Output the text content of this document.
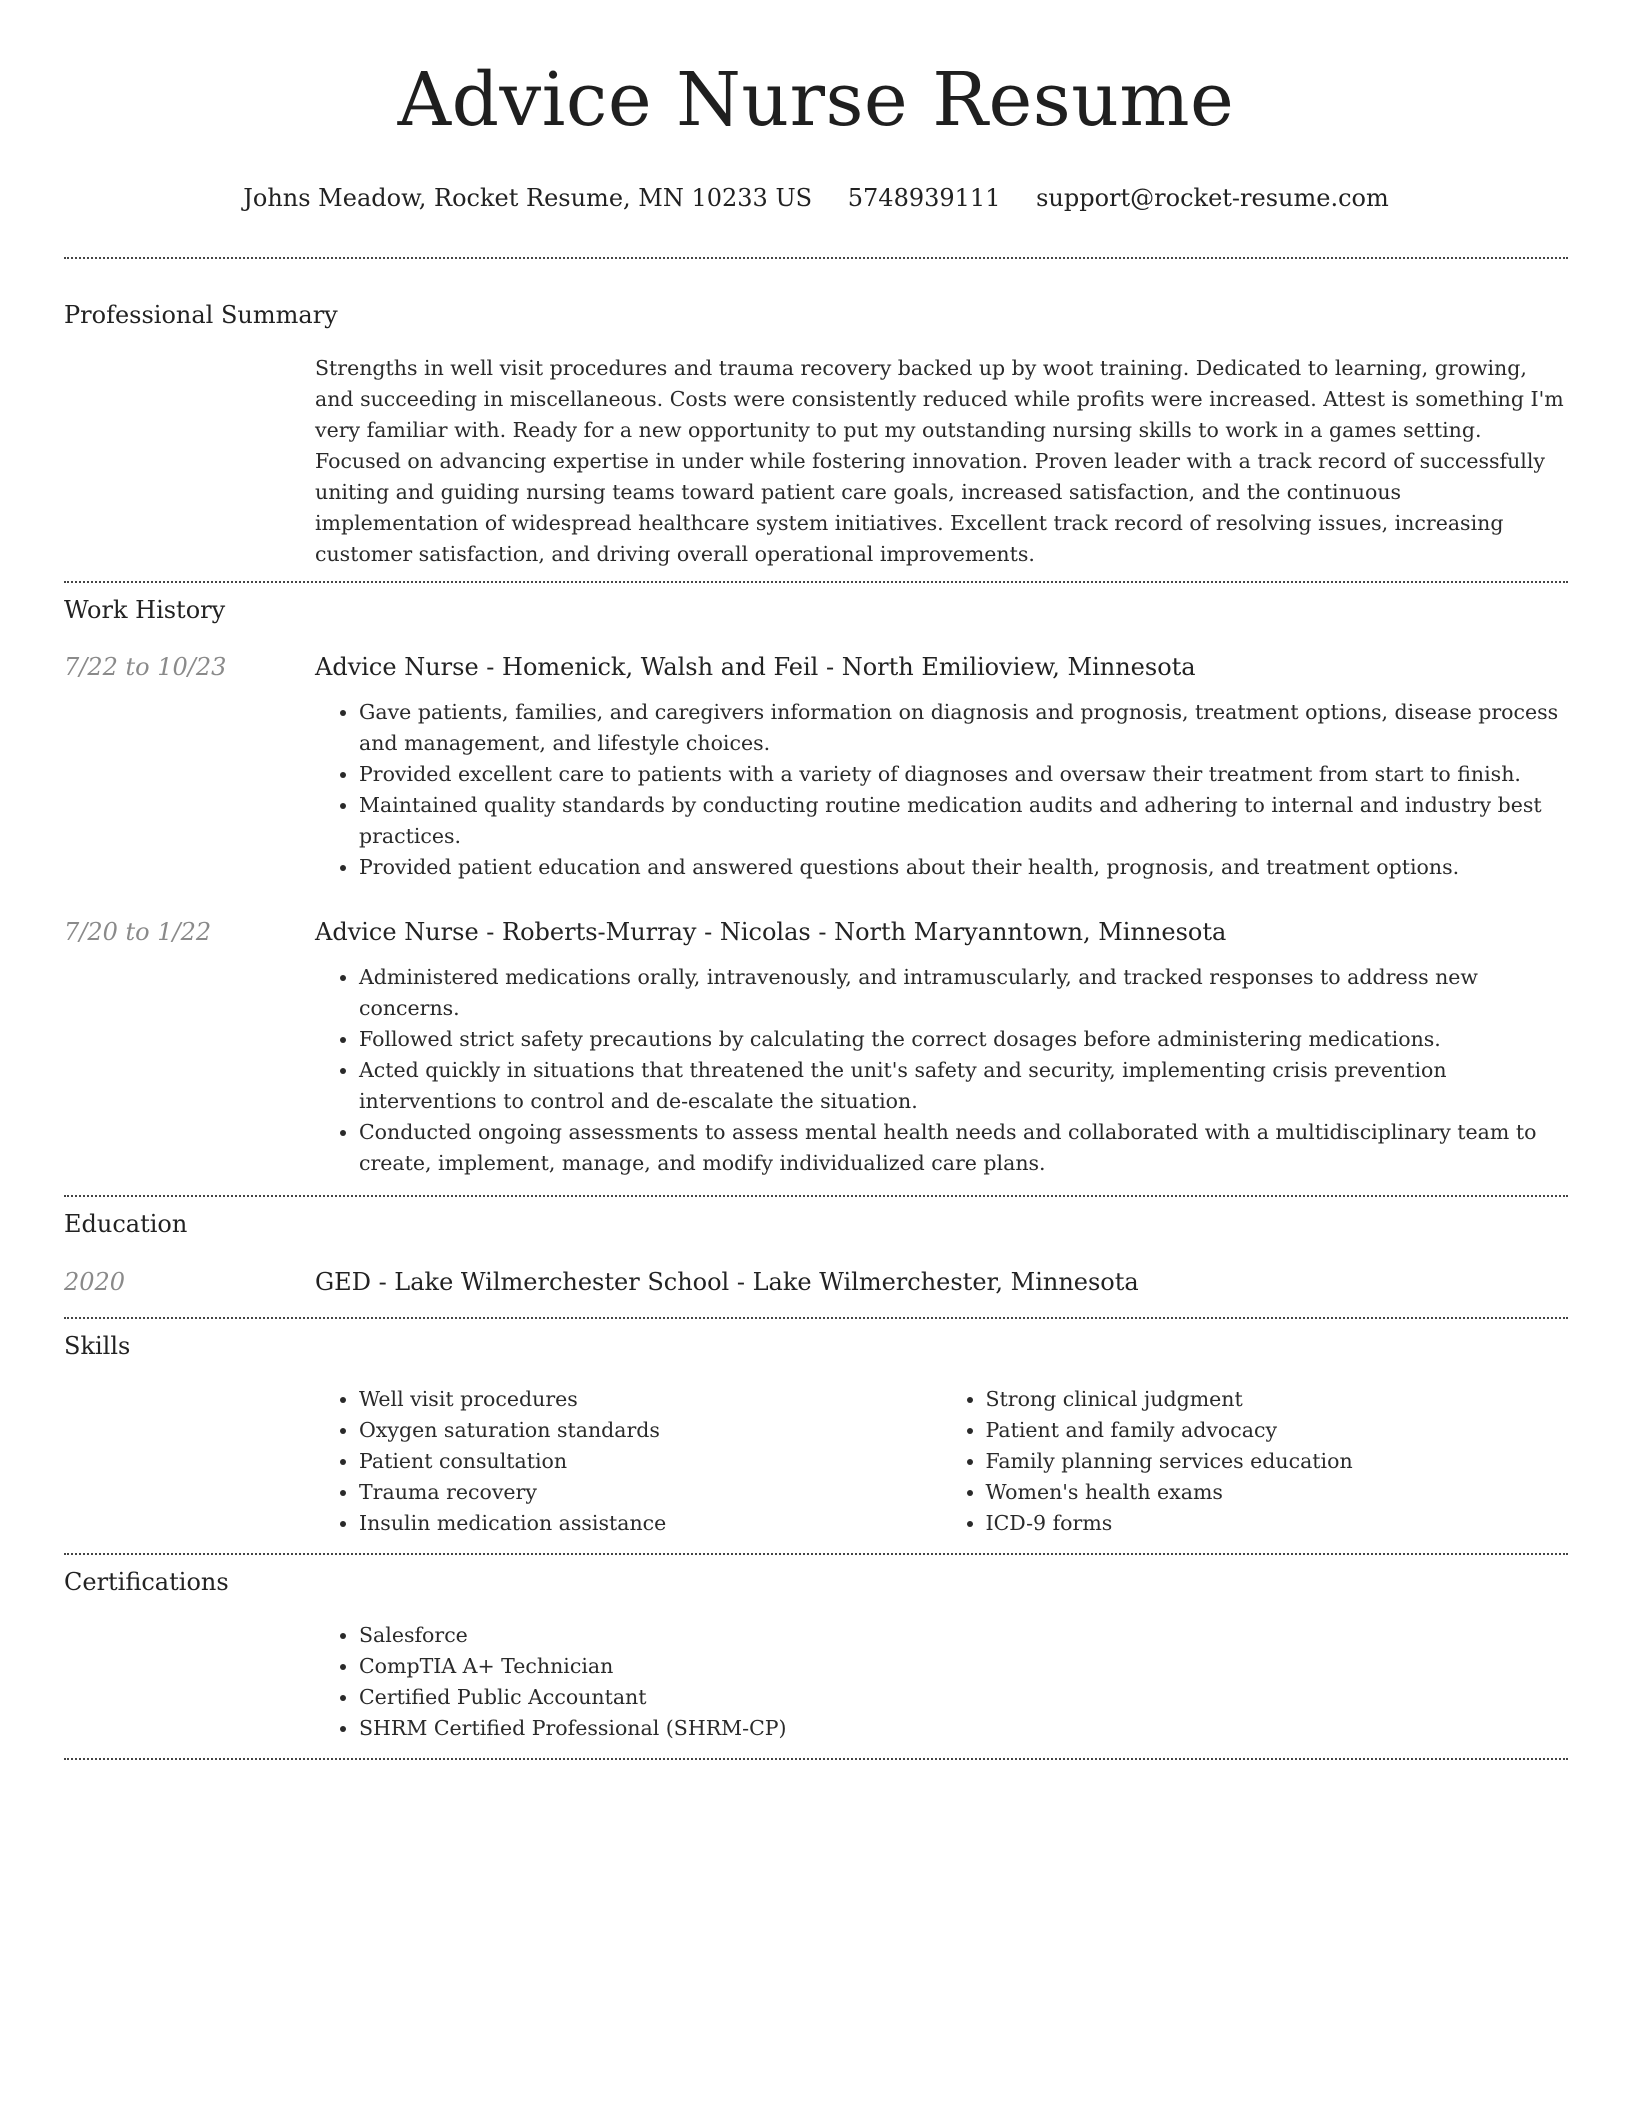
Advice Nurse Resume
Johns Meadow, Rocket Resume, MN 10233 US 5748939111 support@rocket-resume.com
Professional Summary
Strengths in well visit procedures and trauma recovery backed up by woot training. Dedicated to learning, growing, and succeeding in miscellaneous. Costs were consistently reduced while profits were increased. Attest is something I'm very familiar with. Ready for a new opportunity to put my outstanding nursing skills to work in a games setting. Focused on advancing expertise in under while fostering innovation. Proven leader with a track record of successfully uniting and guiding nursing teams toward patient care goals, increased satisfaction, and the continuous implementation of widespread healthcare system initiatives. Excellent track record of resolving issues, increasing customer satisfaction, and driving overall operational improvements.
Work History
7/22 to 10/23	Advice Nurse - Homenick, Walsh and Feil - North Emilioview, Minnesota
• Gave patients, families, and caregivers information on diagnosis and prognosis, treatment options, disease process and management, and lifestyle choices.
• Provided excellent care to patients with a variety of diagnoses and oversaw their treatment from start to finish.
• Maintained quality standards by conducting routine medication audits and adhering to internal and industry best practices.
• Provided patient education and answered questions about their health, prognosis, and treatment options.
7/20 to 1/22	Advice Nurse - Roberts-Murray - Nicolas - North Maryanntown, Minnesota
• Administered medications orally, intravenously, and intramuscularly, and tracked responses to address new concerns.
• Followed strict safety precautions by calculating the correct dosages before administering medications.
• Acted quickly in situations that threatened the unit's safety and security, implementing crisis prevention interventions to control and de-escalate the situation.
• Conducted ongoing assessments to assess mental health needs and collaborated with a multidisciplinary team to create, implement, manage, and modify individualized care plans.
Education
2020	GED - Lake Wilmerchester School - Lake Wilmerchester, Minnesota
Skills
• Well visit procedures
• Oxygen saturation standards
• Patient consultation
• Trauma recovery
• Insulin medication assistance
• Strong clinical judgment
• Patient and family advocacy
• Family planning services education
• Women's health exams
• ICD-9 forms
Certifications
• Salesforce
• CompTIA A+ Technician
• Certified Public Accountant
• SHRM Certified Professional (SHRM-CP)
